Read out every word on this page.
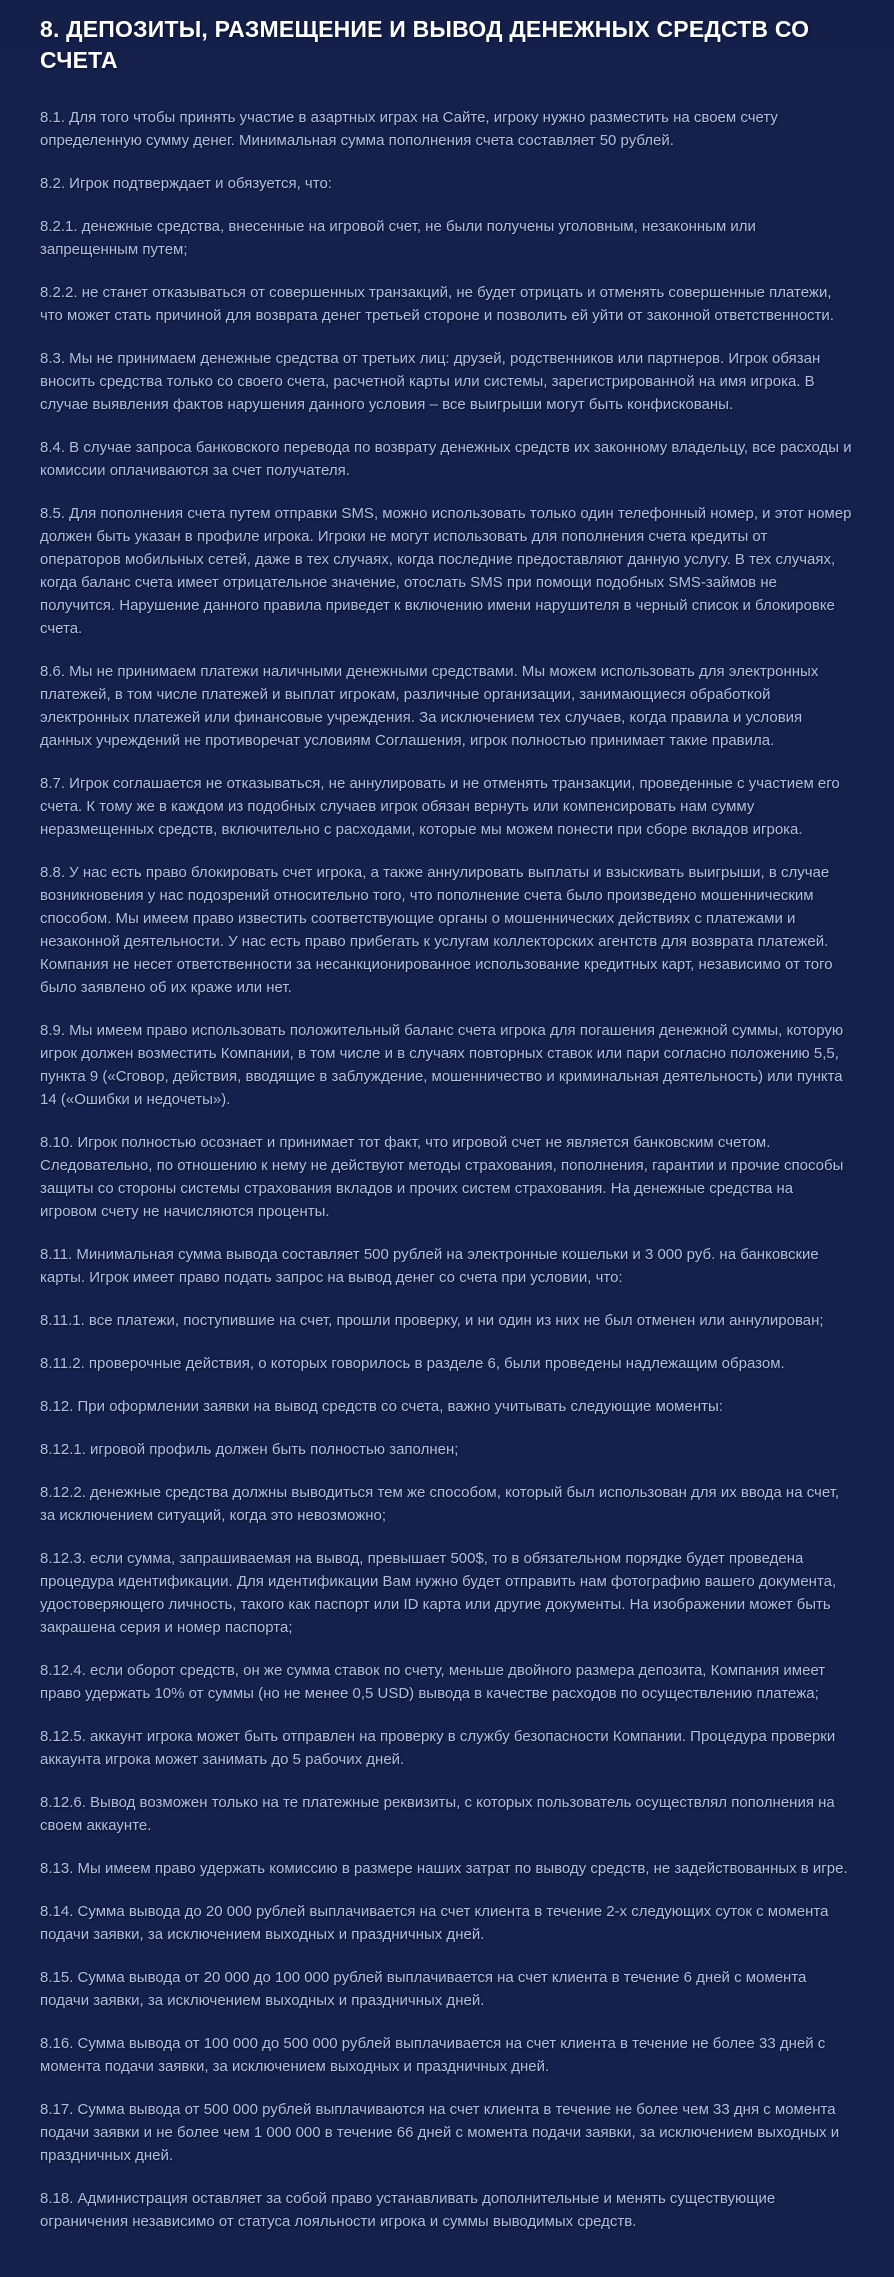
8. ДЕПОЗИТЫ, РАЗМЕЩЕНИЕ И ВЫВОД ДЕНЕЖНЫХ СРЕДСТВ СО СЧЕТА

8.1. Для того чтобы принять участие в азартных играх на Сайте, игроку нужно разместить на своем счету определенную сумму денег. Минимальная сумма пополнения счета составляет 50 рублей.

8.2. Игрок подтверждает и обязуется, что:

8.2.1. денежные средства, внесенные на игровой счет, не были получены уголовным, незаконным или запрещенным путем;

8.2.2. не станет отказываться от совершенных транзакций, не будет отрицать и отменять совершенные платежи, что может стать причиной для возврата денег третьей стороне и позволить ей уйти от законной ответственности.

8.3. Мы не принимаем денежные средства от третьих лиц: друзей, родственников или партнеров. Игрок обязан вносить средства только со своего счета, расчетной карты или системы, зарегистрированной на имя игрока. В случае выявления фактов нарушения данного условия – все выигрыши могут быть конфискованы.

8.4. В случае запроса банковского перевода по возврату денежных средств их законному владельцу, все расходы и комиссии оплачиваются за счет получателя.

8.5. Для пополнения счета путем отправки SMS, можно использовать только один телефонный номер, и этот номер должен быть указан в профиле игрока. Игроки не могут использовать для пополнения счета кредиты от операторов мобильных сетей, даже в тех случаях, когда последние предоставляют данную услугу. В тех случаях, когда баланс счета имеет отрицательное значение, отослать SMS при помощи подобных SMS-займов не получится. Нарушение данного правила приведет к включению имени нарушителя в черный список и блокировке счета.

8.6. Мы не принимаем платежи наличными денежными средствами. Мы можем использовать для электронных платежей, в том числе платежей и выплат игрокам, различные организации, занимающиеся обработкой электронных платежей или финансовые учреждения. За исключением тех случаев, когда правила и условия данных учреждений не противоречат условиям Соглашения, игрок полностью принимает такие правила.

8.7. Игрок соглашается не отказываться, не аннулировать и не отменять транзакции, проведенные с участием его счета. К тому же в каждом из подобных случаев игрок обязан вернуть или компенсировать нам сумму неразмещенных средств, включительно с расходами, которые мы можем понести при сборе вкладов игрока.

8.8. У нас есть право блокировать счет игрока, а также аннулировать выплаты и взыскивать выигрыши, в случае возникновения у нас подозрений относительно того, что пополнение счета было произведено мошенническим способом. Мы имеем право известить соответствующие органы о мошеннических действиях с платежами и незаконной деятельности. У нас есть право прибегать к услугам коллекторских агентств для возврата платежей. Компания не несет ответственности за несанкционированное использование кредитных карт, независимо от того было заявлено об их краже или нет.

8.9. Мы имеем право использовать положительный баланс счета игрока для погашения денежной суммы, которую игрок должен возместить Компании, в том числе и в случаях повторных ставок или пари согласно положению 5,5, пункта 9 («Сговор, действия, вводящие в заблуждение, мошенничество и криминальная деятельность) или пункта 14 («Ошибки и недочеты»).

8.10. Игрок полностью осознает и принимает тот факт, что игровой счет не является банковским счетом. Следовательно, по отношению к нему не действуют методы страхования, пополнения, гарантии и прочие способы защиты со стороны системы страхования вкладов и прочих систем страхования. На денежные средства на игровом счету не начисляются проценты.

8.11. Минимальная сумма вывода составляет 500 рублей на электронные кошельки и 3 000 руб. на банковские карты. Игрок имеет право подать запрос на вывод денег со счета при условии, что:

8.11.1. все платежи, поступившие на счет, прошли проверку, и ни один из них не был отменен или аннулирован;

8.11.2. проверочные действия, о которых говорилось в разделе 6, были проведены надлежащим образом.

8.12. При оформлении заявки на вывод средств со счета, важно учитывать следующие моменты:

8.12.1. игровой профиль должен быть полностью заполнен;

8.12.2. денежные средства должны выводиться тем же способом, который был использован для их ввода на счет, за исключением ситуаций, когда это невозможно;

8.12.3. если сумма, запрашиваемая на вывод, превышает 500$, то в обязательном порядке будет проведена процедура идентификации. Для идентификации Вам нужно будет отправить нам фотографию вашего документа, удостоверяющего личность, такого как паспорт или ID карта или другие документы. На изображении может быть закрашена серия и номер паспорта;

8.12.4. если оборот средств, он же сумма ставок по счету, меньше двойного размера депозита, Компания имеет право удержать 10% от суммы (но не менее 0,5 USD) вывода в качестве расходов по осуществлению платежа;

8.12.5. аккаунт игрока может быть отправлен на проверку в службу безопасности Компании. Процедура проверки аккаунта игрока может занимать до 5 рабочих дней.

8.12.6. Вывод возможен только на те платежные реквизиты, с которых пользователь осуществлял пополнения на своем аккаунте.

8.13. Мы имеем право удержать комиссию в размере наших затрат по выводу средств, не задействованных в игре.

8.14. Сумма вывода до 20 000 рублей выплачивается на счет клиента в течение 2-х следующих суток с момента подачи заявки, за исключением выходных и праздничных дней.

8.15. Сумма вывода от 20 000 до 100 000 рублей выплачивается на счет клиента в течение 6 дней с момента подачи заявки, за исключением выходных и праздничных дней.

8.16. Сумма вывода от 100 000 до 500 000 рублей выплачивается на счет клиента в течение не более 33 дней с момента подачи заявки, за исключением выходных и праздничных дней.

8.17. Сумма вывода от 500 000 рублей выплачиваются на счет клиента в течение не более чем 33 дня с момента подачи заявки и не более чем 1 000 000 в течение 66 дней с момента подачи заявки, за исключением выходных и праздничных дней.

8.18. Администрация оставляет за собой право устанавливать дополнительные и менять существующие ограничения независимо от статуса лояльности игрока и суммы выводимых средств.
